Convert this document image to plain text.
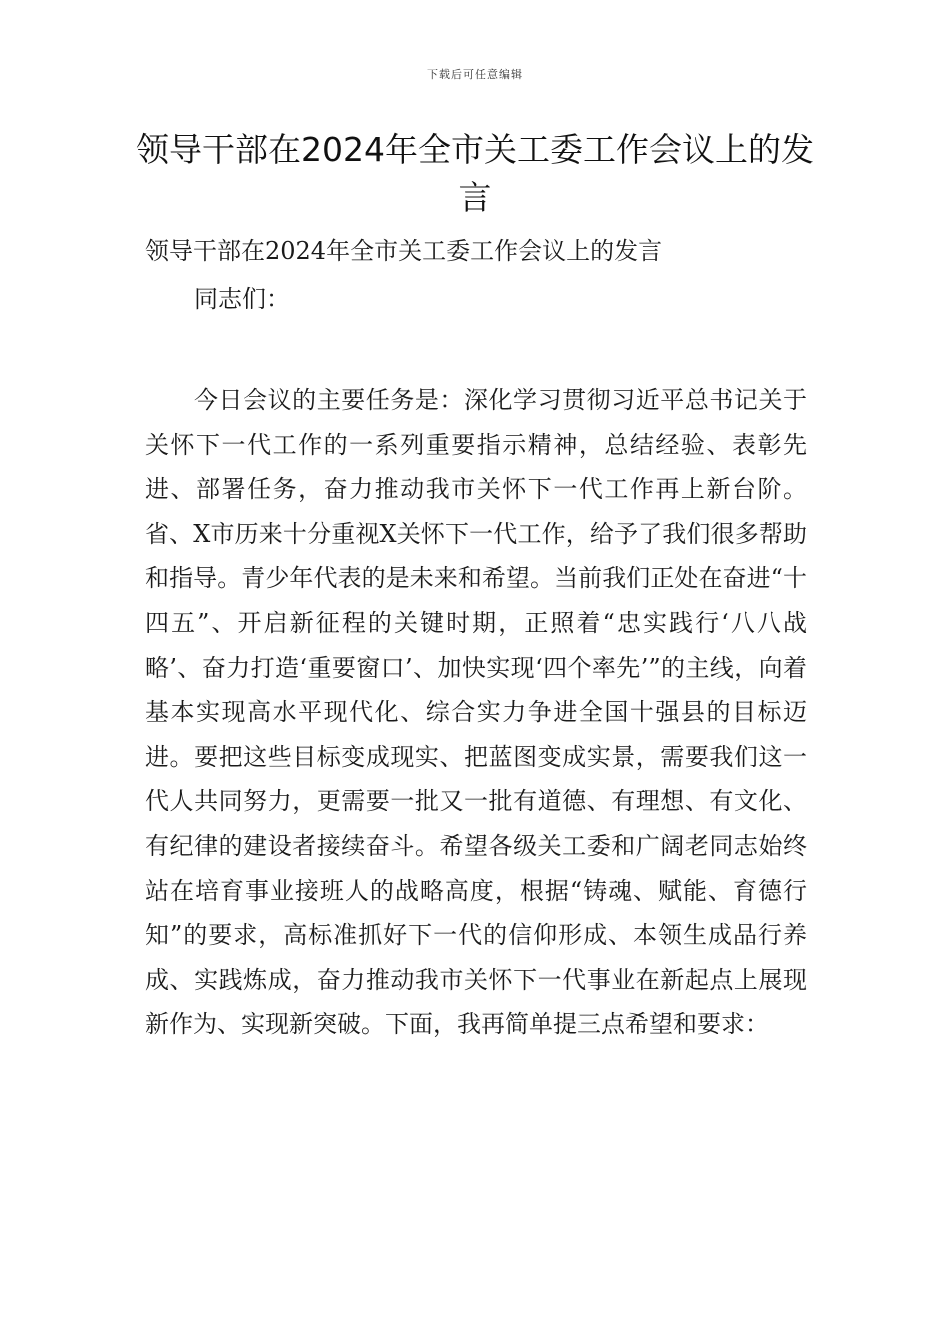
下载后可任意编辑
领导干部在2024年全市关工委工作会议上的发言

领导干部在2024年全市关工委工作会议上的发言

同志们：

今日会议的主要任务是：深化学习贯彻习近平总书记关于关怀下一代工作的一系列重要指示精神，总结经验、表彰先进、部署任务，奋力推动我市关怀下一代工作再上新台阶。省、X市历来十分重视X关怀下一代工作，给予了我们很多帮助和指导。青少年代表的是未来和希望。当前我们正处在奋进“十四五”、开启新征程的关键时期，正照着“忠实践行‘八八战略’、奋力打造‘重要窗口’、加快实现‘四个率先’”的主线，向着基本实现高水平现代化、综合实力争进全国十强县的目标迈进。要把这些目标变成现实、把蓝图变成实景，需要我们这一代人共同努力，更需要一批又一批有道德、有理想、有文化、有纪律的建设者接续奋斗。希望各级关工委和广阔老同志始终站在培育事业接班人的战略高度，根据“铸魂、赋能、育德行知”的要求，高标准抓好下一代的信仰形成、本领生成品行养成、实践炼成，奋力推动我市关怀下一代事业在新起点上展现新作为、实现新突破。下面，我再简单提三点希望和要求：
